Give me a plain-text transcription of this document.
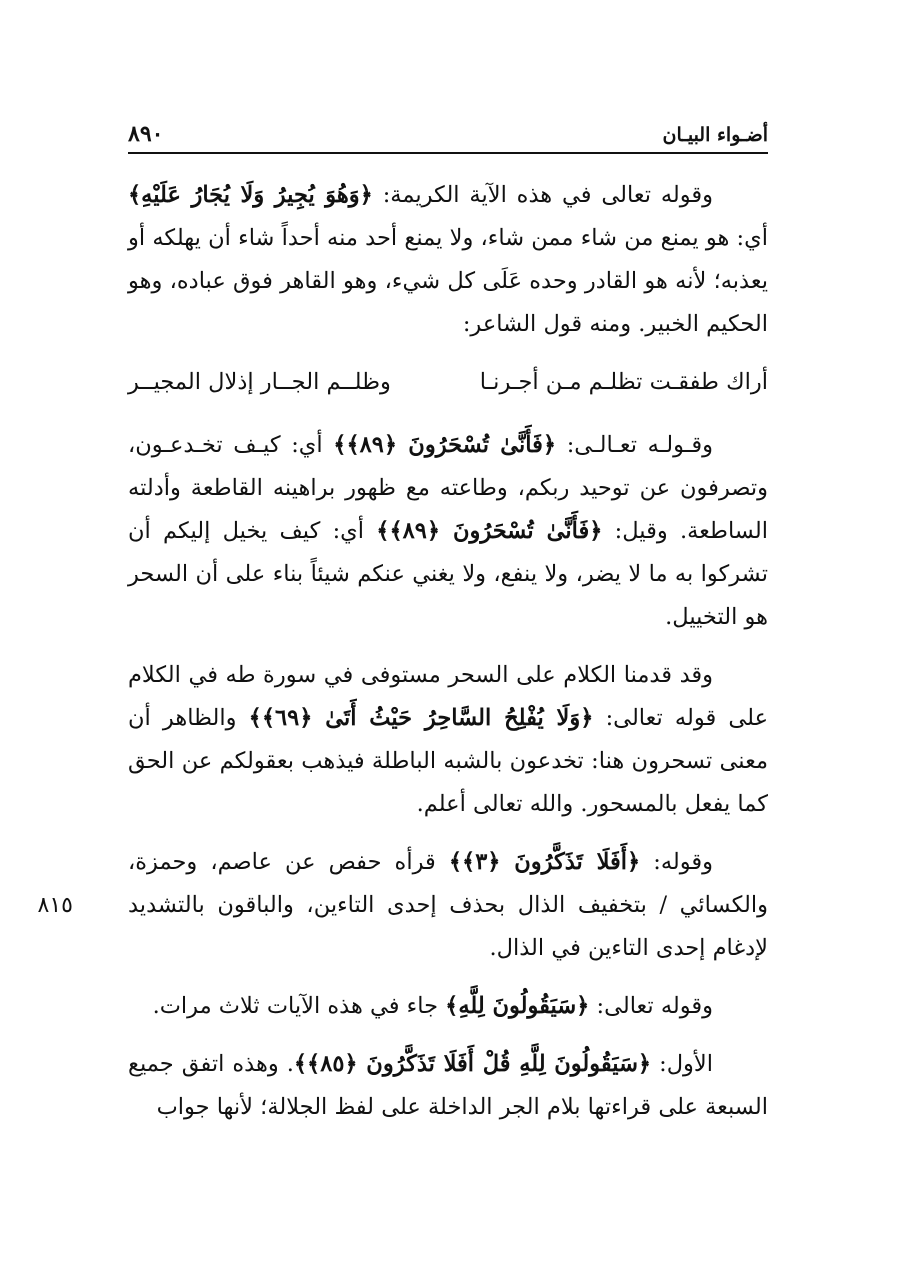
أضـواء البيـان
٨٩٠

وقوله تعالى في هذه الآية الكريمة: ﴿وَهُوَ يُجِيرُ وَلَا يُجَارُ عَلَيْهِ﴾ أي: هو يمنع من شاء ممن شاء، ولا يمنع أحد منه أحداً شاء أن يهلكه أو يعذبه؛ لأنه هو القادر وحده عَلَى كل شيء، وهو القاهر فوق عباده، وهو الحكيم الخبير. ومنه قول الشاعر:

أراك طفقـت تظلـم مـن أجـرنـا
وظلــم الجــار إذلال المجيــر

وقـولـه تعـالـى: ﴿فَأَنَّىٰ تُسْحَرُونَ ﴿٨٩﴾﴾ أي: كيـف تخـدعـون، وتصرفون عن توحيد ربكم، وطاعته مع ظهور براهينه القاطعة وأدلته الساطعة. وقيل: ﴿فَأَنَّىٰ تُسْحَرُونَ ﴿٨٩﴾﴾ أي: كيف يخيل إليكم أن تشركوا به ما لا يضر، ولا ينفع، ولا يغني عنكم شيئاً بناء على أن السحر هو التخييل.

وقد قدمنا الكلام على السحر مستوفى في سورة طه في الكلام على قوله تعالى: ﴿وَلَا يُفْلِحُ السَّاحِرُ حَيْثُ أَتَىٰ ﴿٦٩﴾﴾ والظاهر أن معنى تسحرون هنا: تخدعون بالشبه الباطلة فيذهب بعقولكم عن الحق كما يفعل بالمسحور. والله تعالى أعلم.

٨١٥
وقوله: ﴿أَفَلَا تَذَكَّرُونَ ﴿٣﴾﴾ قرأه حفص عن عاصم، وحمزة، والكسائي / بتخفيف الذال بحذف إحدى التاءين، والباقون بالتشديد لإدغام إحدى التاءين في الذال.

وقوله تعالى: ﴿سَيَقُولُونَ لِلَّهِ﴾ جاء في هذه الآيات ثلاث مرات.

الأول: ﴿سَيَقُولُونَ لِلَّهِ قُلْ أَفَلَا تَذَكَّرُونَ ﴿٨٥﴾﴾. وهذه اتفق جميع السبعة على قراءتها بلام الجر الداخلة على لفظ الجلالة؛ لأنها جواب
